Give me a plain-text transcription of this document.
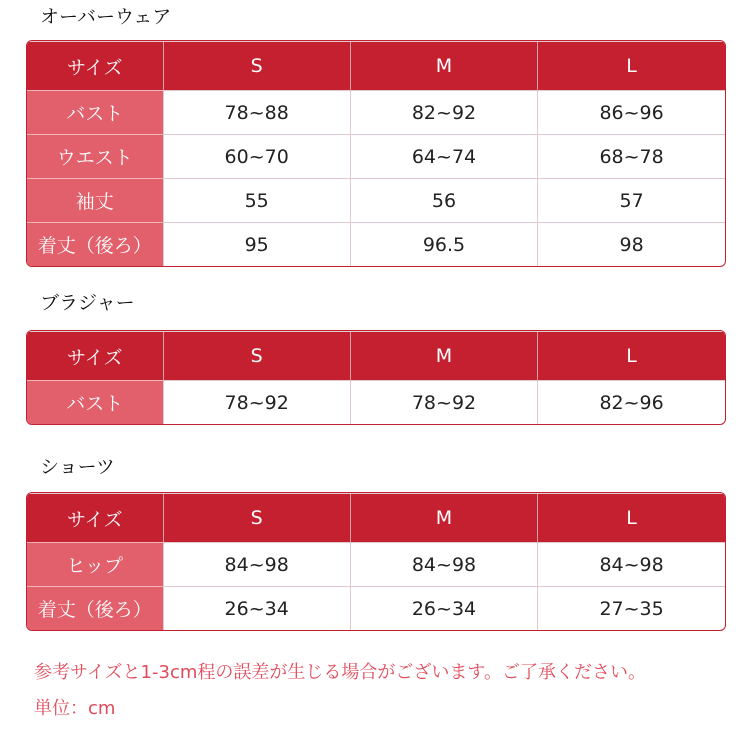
オーバーウェア
サイズ	S	M	L
バスト	78~88	82~92	86~96
ウエスト	60~70	64~74	68~78
袖丈	55	56	57
着丈（後ろ）	95	96.5	98
ブラジャー
サイズ	S	M	L
バスト	78~92	78~92	82~96
ショーツ
サイズ	S	M	L
ヒップ	84~98	84~98	84~98
着丈（後ろ）	26~34	26~34	27~35
参考サイズと1-3cm程の誤差が生じる場合がございます。ご了承ください。
単位：cm
